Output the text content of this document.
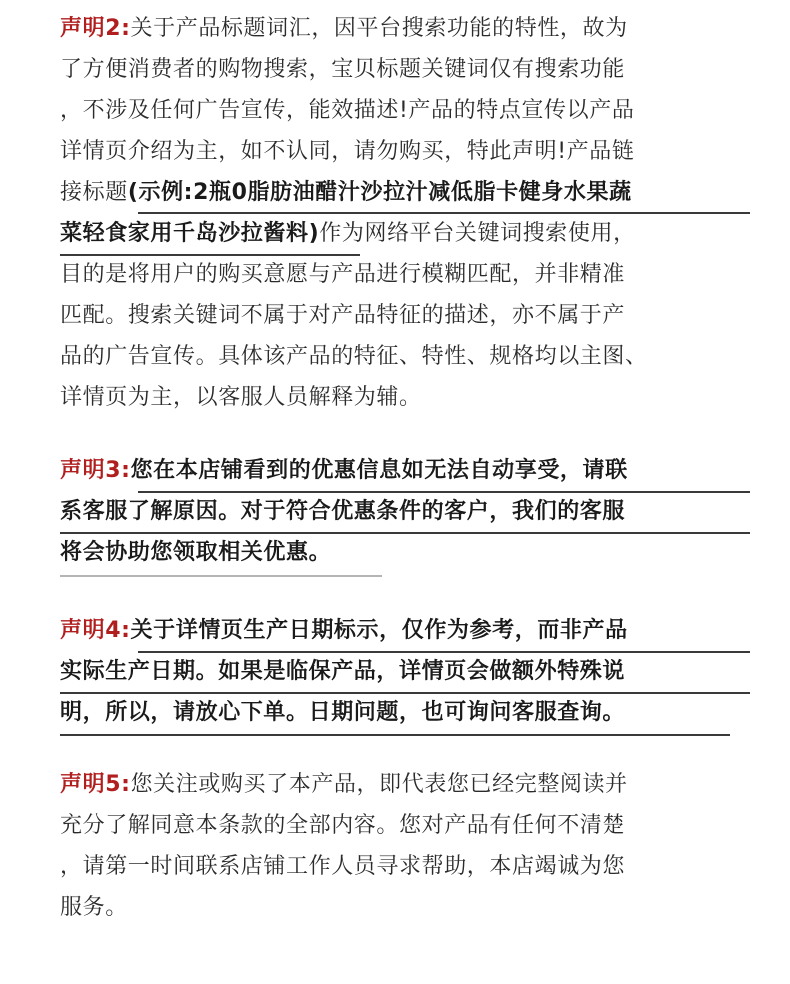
声明2:关于产品标题词汇，因平台搜索功能的特性，故为
了方便消费者的购物搜索，宝贝标题关键词仅有搜索功能
，不涉及任何广告宣传，能效描述!产品的特点宣传以产品
详情页介绍为主，如不认同，请勿购买，特此声明!产品链
接标题(示例:2瓶0脂肪油醋汁沙拉汁减低脂卡健身水果蔬
菜轻食家用千岛沙拉酱料)作为网络平台关键词搜索使用，
目的是将用户的购买意愿与产品进行模糊匹配，并非精准
匹配。搜索关键词不属于对产品特征的描述，亦不属于产
品的广告宣传。具体该产品的特征、特性、规格均以主图、
详情页为主，以客服人员解释为辅。
声明3:您在本店铺看到的优惠信息如无法自动享受，请联
系客服了解原因。对于符合优惠条件的客户，我们的客服
将会协助您领取相关优惠。
声明4:关于详情页生产日期标示，仅作为参考，而非产品
实际生产日期。如果是临保产品，详情页会做额外特殊说
明，所以，请放心下单。日期问题，也可询问客服查询。
声明5:您关注或购买了本产品，即代表您已经完整阅读并
充分了解同意本条款的全部内容。您对产品有任何不清楚
，请第一时间联系店铺工作人员寻求帮助，本店竭诚为您
服务。
